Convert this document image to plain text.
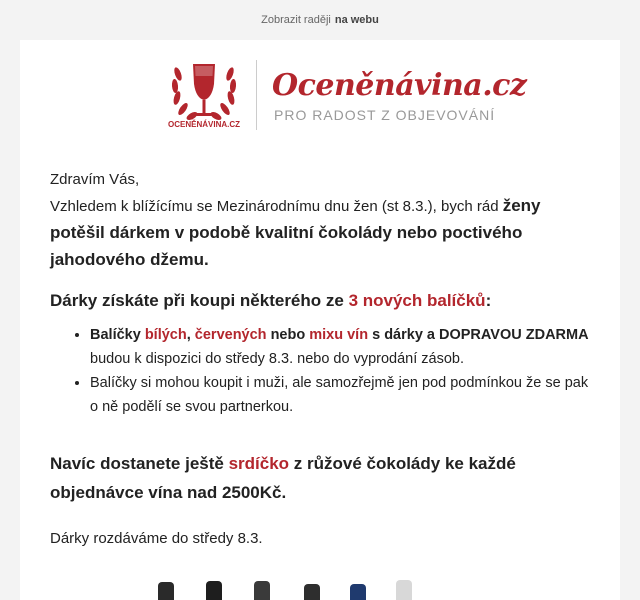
Zobrazit raději na webu
OCENĚNÁVINA.CZ
Oceněnávina.cz
PRO RADOST Z OBJEVOVÁNÍ

Zdravím Vás,

Vzhledem k blížícímu se Mezinárodnímu dnu žen (st 8.3.), bych rád ženy

potěšil dárkem v podobě kvalitní čokolády nebo poctivého jahodového džemu.

Dárky získáte při koupi některého ze 3 nových balíčků:

• Balíčky bílých, červených nebo mixu vín s dárky a DOPRAVOU ZDARMA budou k dispozici do středy 8.3. nebo do vyprodání zásob.
• Balíčky si mohou koupit i muži, ale samozřejmě jen pod podmínkou že se pak o ně podělí se svou partnerkou.

Navíc dostanete ještě srdíčko z růžové čokolády ke každé objednávce vína nad 2500Kč.

Dárky rozdáváme do středy 8.3.
